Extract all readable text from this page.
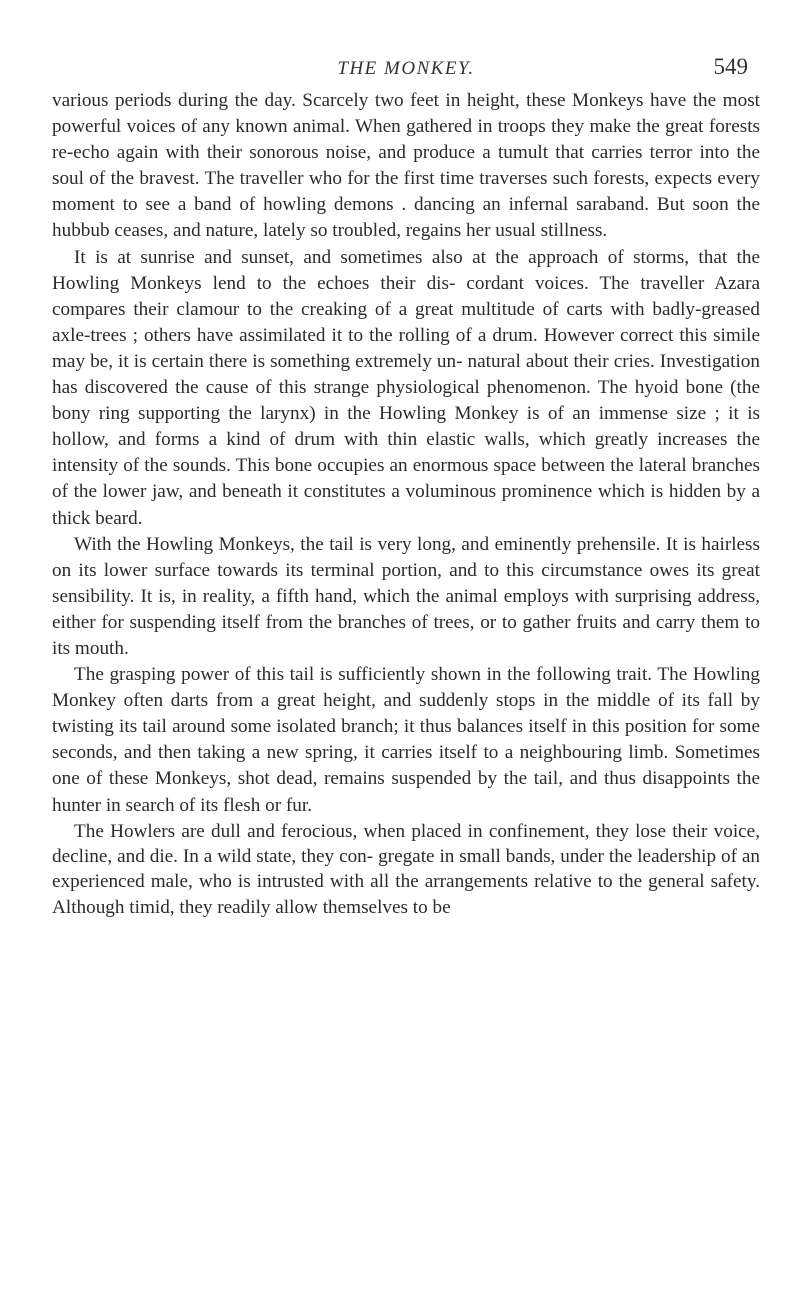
THE MONKEY.	549

various periods during the day. Scarcely two feet in height, these Monkeys have the most powerful voices of any known animal. When gathered in troops they make the great forests re-echo again with their sonorous noise, and produce a tumult that carries terror into the soul of the bravest. The traveller who for the first time traverses such forests, expects every moment to see a band of howling demons . dancing an infernal saraband. But soon the hubbub ceases, and nature, lately so troubled, regains her usual stillness.

It is at sunrise and sunset, and sometimes also at the approach of storms, that the Howling Monkeys lend to the echoes their dis- cordant voices. The traveller Azara compares their clamour to the creaking of a great multitude of carts with badly-greased axle-trees ; others have assimilated it to the rolling of a drum. However correct this simile may be, it is certain there is something extremely un- natural about their cries. Investigation has discovered the cause of this strange physiological phenomenon. The hyoid bone (the bony ring supporting the larynx) in the Howling Monkey is of an immense size ; it is hollow, and forms a kind of drum with thin elastic walls, which greatly increases the intensity of the sounds. This bone occupies an enormous space between the lateral branches of the lower jaw, and beneath it constitutes a voluminous prominence which is hidden by a thick beard.

With the Howling Monkeys, the tail is very long, and eminently prehensile. It is hairless on its lower surface towards its terminal portion, and to this circumstance owes its great sensibility. It is, in reality, a fifth hand, which the animal employs with surprising address, either for suspending itself from the branches of trees, or to gather fruits and carry them to its mouth.

The grasping power of this tail is sufficiently shown in the following trait. The Howling Monkey often darts from a great height, and suddenly stops in the middle of its fall by twisting its tail around some isolated branch; it thus balances itself in this position for some seconds, and then taking a new spring, it carries itself to a neighbouring limb. Sometimes one of these Monkeys, shot dead, remains suspended by the tail, and thus disappoints the hunter in search of its flesh or fur.

The Howlers are dull and ferocious, when placed in confinement, they lose their voice, decline, and die. In a wild state, they con- gregate in small bands, under the leadership of an experienced male, who is intrusted with all the arrangements relative to the general safety. Although timid, they readily allow themselves to be
